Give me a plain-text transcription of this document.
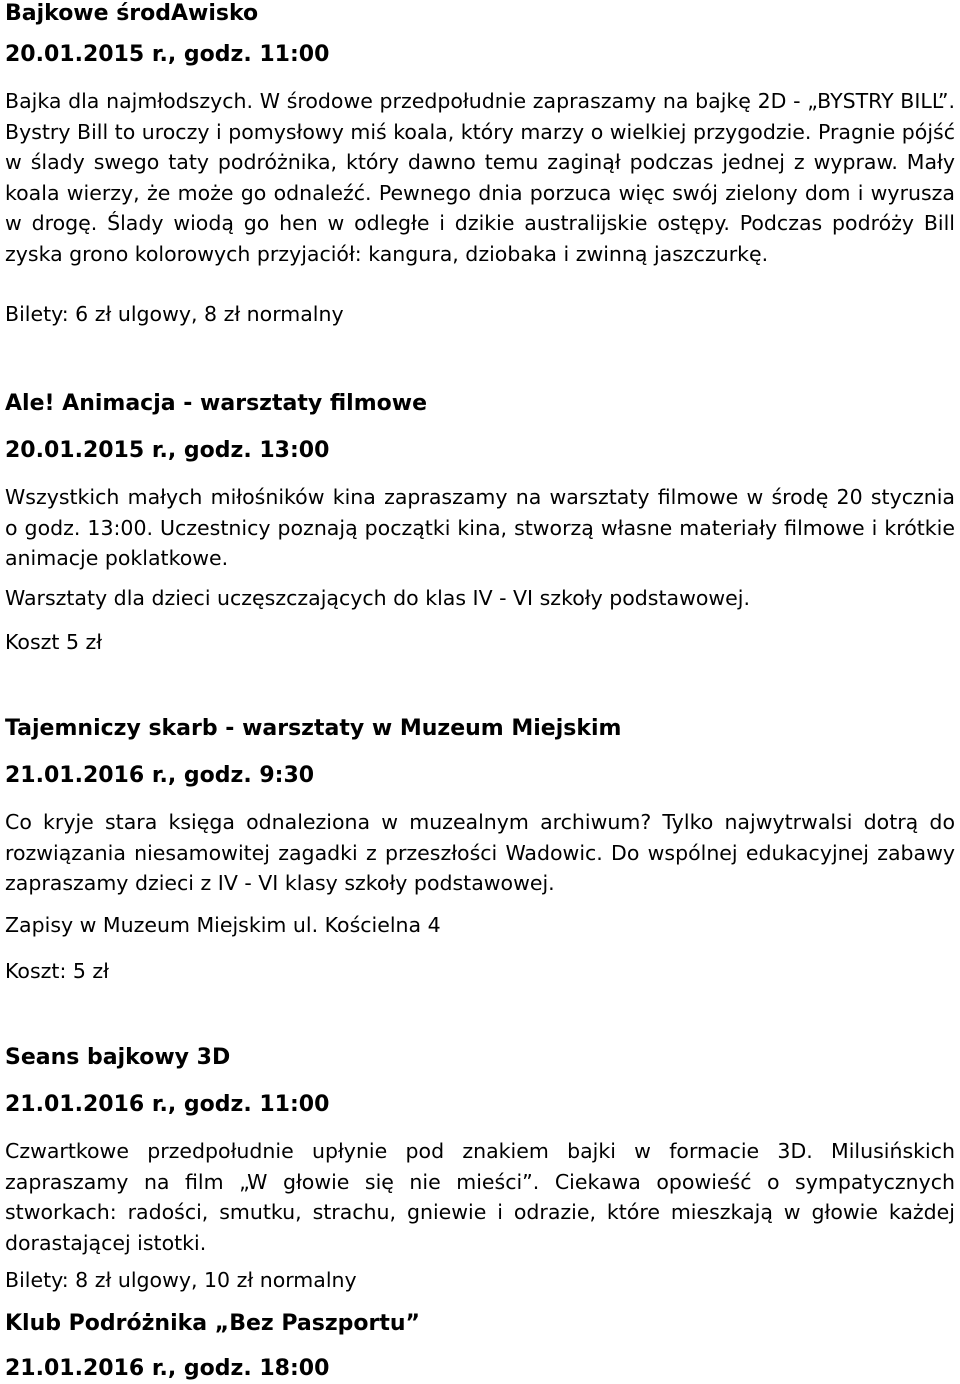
Bajkowe środAwisko
20.01.2015 r., godz. 11:00

Bajka dla najmłodszych. W środowe przedpołudnie zapraszamy na bajkę 2D - „BYSTRY BILL”. Bystry Bill to uroczy i pomysłowy miś koala, który marzy o wielkiej przygodzie. Pragnie pójść w ślady swego taty podróżnika, który dawno temu zaginął podczas jednej z wypraw. Mały koala wierzy, że może go odnaleźć. Pewnego dnia porzuca więc swój zielony dom i wyrusza w drogę. Ślady wiodą go hen w odległe i dzikie australijskie ostępy. Podczas podróży Bill zyska grono kolorowych przyjaciół: kangura, dziobaka i zwinną jaszczurkę.

Bilety: 6 zł ulgowy, 8 zł normalny
Ale! Animacja - warsztaty filmowe
20.01.2015 r., godz. 13:00

Wszystkich małych miłośników kina zapraszamy na warsztaty filmowe w środę 20 stycznia o godz. 13:00. Uczestnicy poznają początki kina, stworzą własne materiały filmowe i krótkie animacje poklatkowe.

Warsztaty dla dzieci uczęszczających do klas IV - VI szkoły podstawowej.
Koszt 5 zł
Tajemniczy skarb - warsztaty w Muzeum Miejskim
21.01.2016 r., godz. 9:30

Co kryje stara księga odnaleziona w muzealnym archiwum? Tylko najwytrwalsi dotrą do rozwiązania niesamowitej zagadki z przeszłości Wadowic. Do wspólnej edukacyjnej zabawy zapraszamy dzieci z IV - VI klasy szkoły podstawowej.

Zapisy w Muzeum Miejskim ul. Kościelna 4
Koszt: 5 zł
Seans bajkowy 3D
21.01.2016 r., godz. 11:00

Czwartkowe przedpołudnie upłynie pod znakiem bajki w formacie 3D. Milusińskich zapraszamy na film „W głowie się nie mieści”. Ciekawa opowieść o sympatycznych stworkach: radości, smutku, strachu, gniewie i odrazie, które mieszkają w głowie każdej dorastającej istotki.

Bilety: 8 zł ulgowy, 10 zł normalny
Klub Podróżnika „Bez Paszportu”
21.01.2016 r., godz. 18:00
